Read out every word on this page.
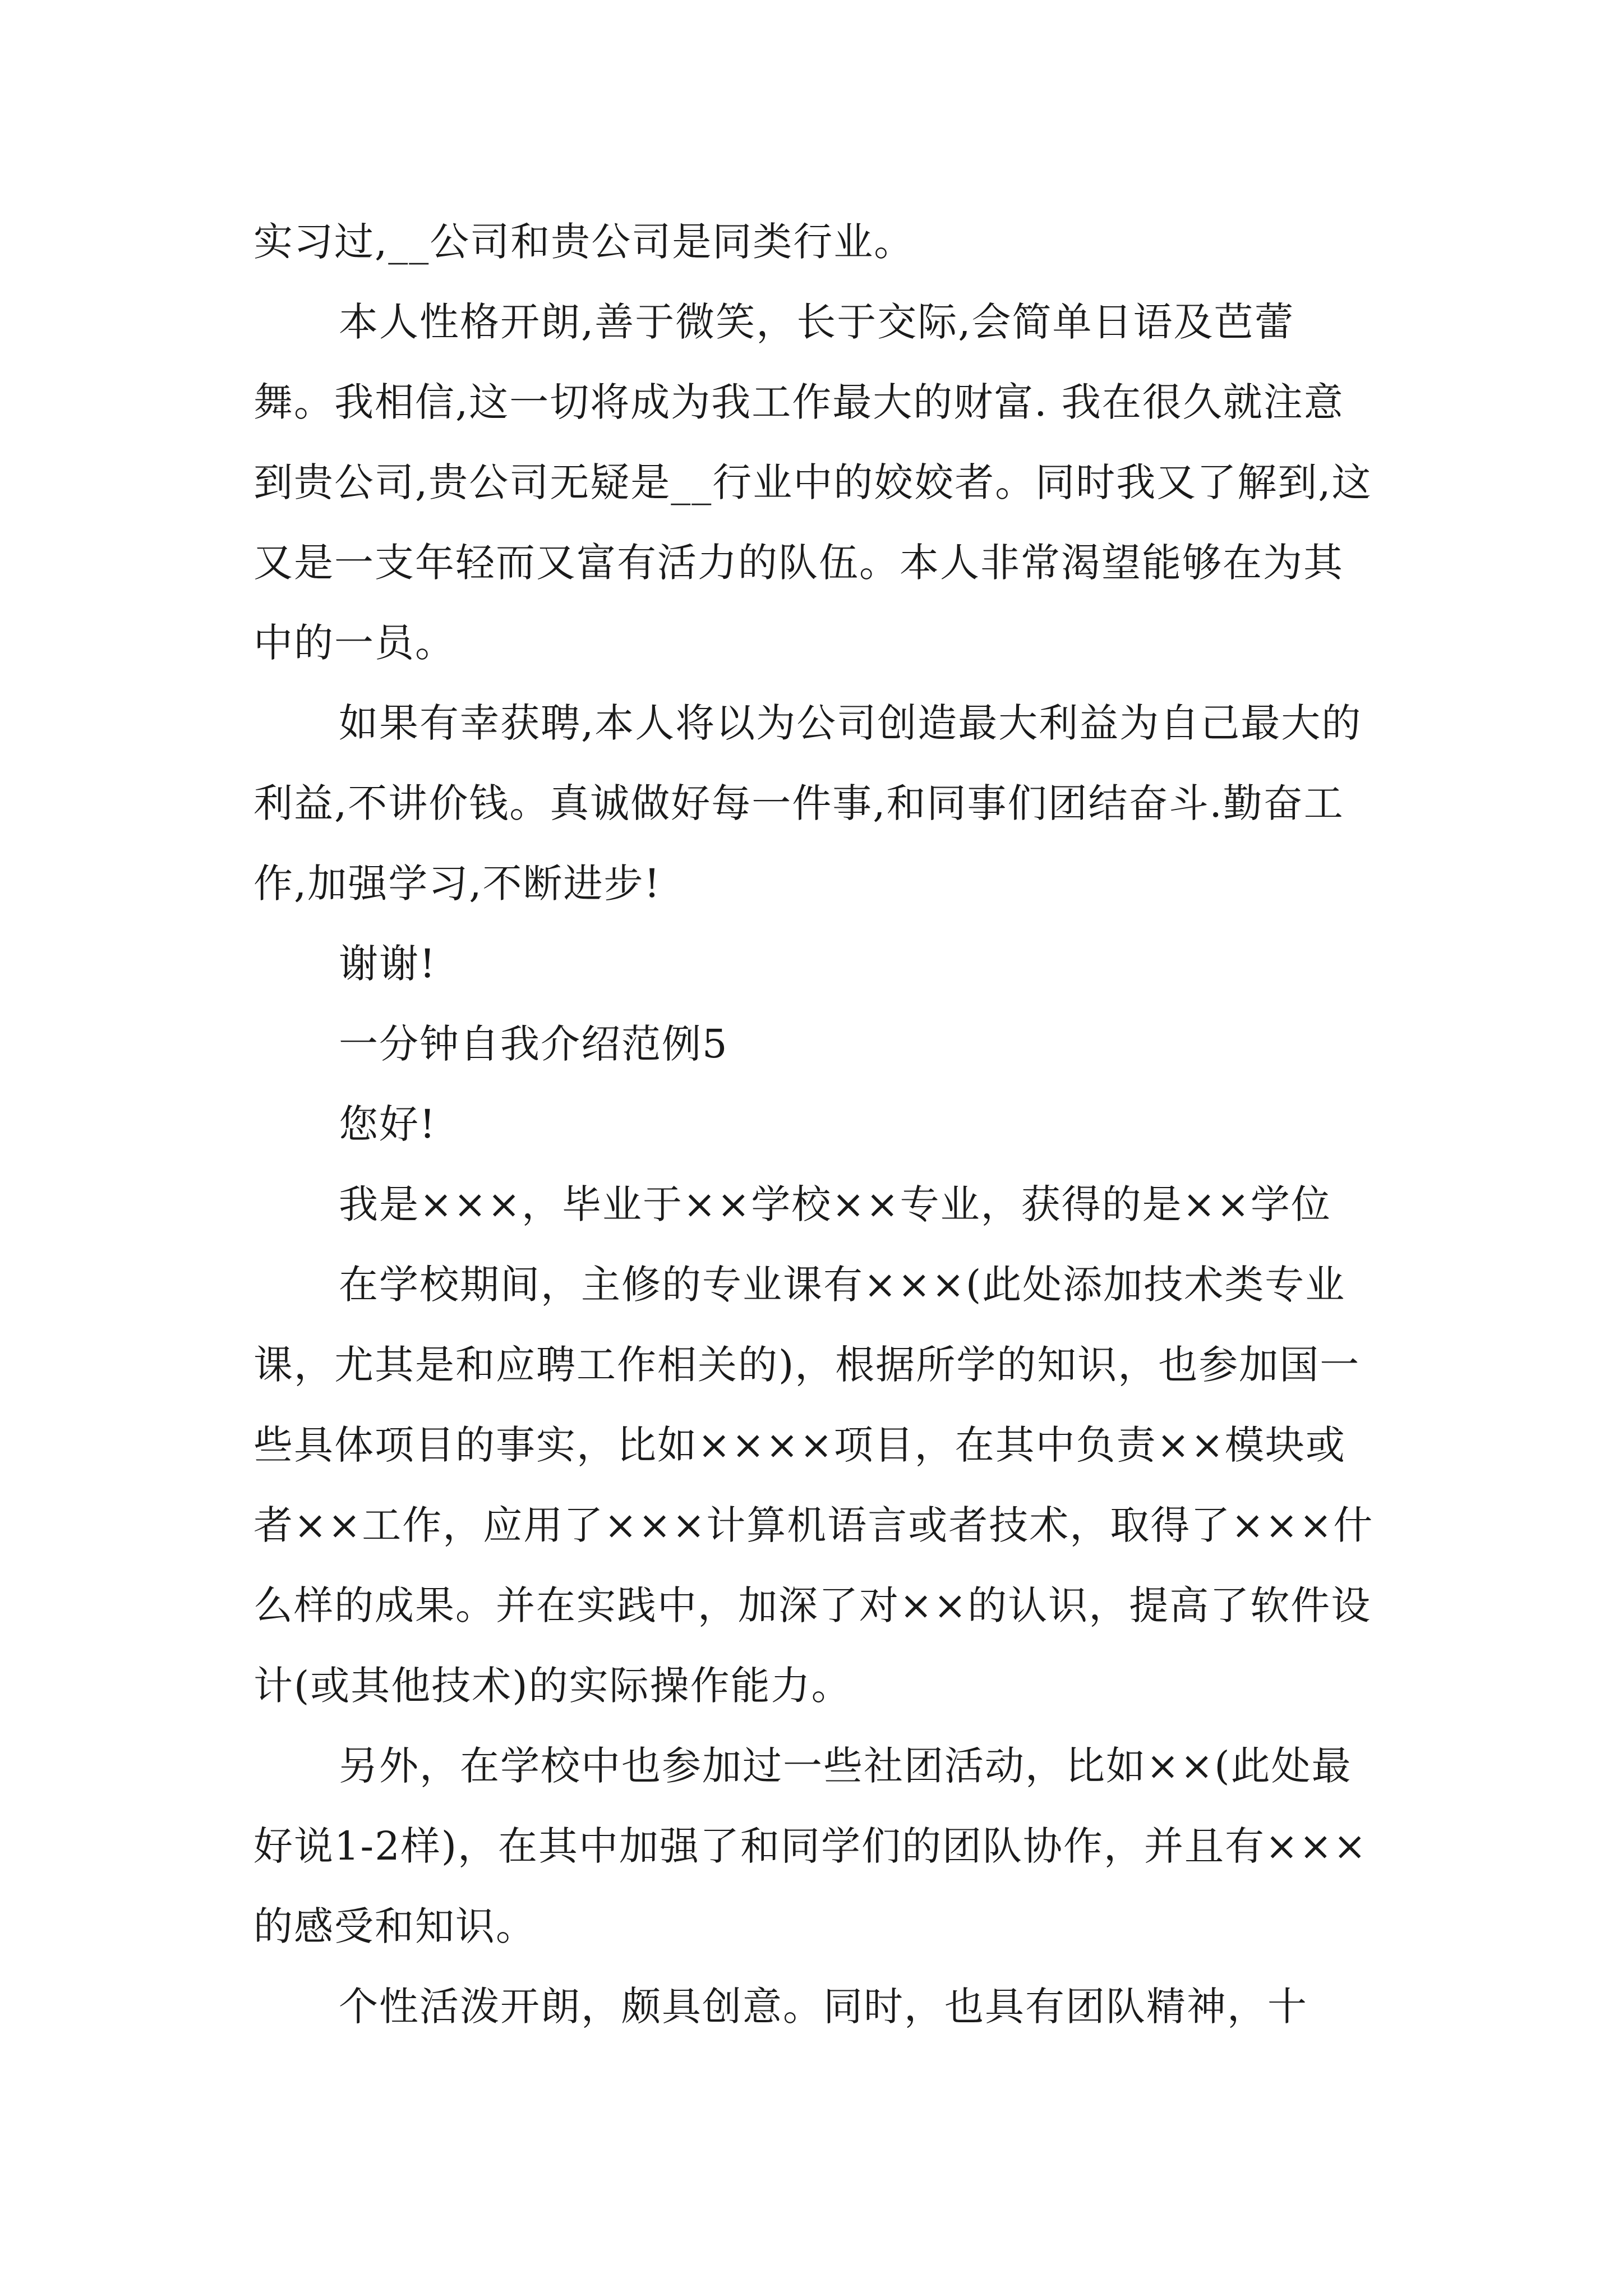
实习过,__公司和贵公司是同类行业。

本人性格开朗,善于微笑，长于交际,会简单日语及芭蕾舞。我相信,这一切将成为我工作最大的财富. 我在很久就注意到贵公司,贵公司无疑是__行业中的姣姣者。同时我又了解到,这又是一支年轻而又富有活力的队伍。本人非常渴望能够在为其中的一员。

如果有幸获聘,本人将以为公司创造最大利益为自己最大的利益,不讲价钱。真诚做好每一件事,和同事们团结奋斗.勤奋工作,加强学习,不断进步!

谢谢!

一分钟自我介绍范例5

您好!

我是×××，毕业于××学校××专业，获得的是××学位

在学校期间，主修的专业课有×××(此处添加技术类专业课，尤其是和应聘工作相关的)，根据所学的知识，也参加国一些具体项目的事实，比如××××项目，在其中负责××模块或者××工作，应用了×××计算机语言或者技术，取得了×××什么样的成果。并在实践中，加深了对××的认识，提高了软件设计(或其他技术)的实际操作能力。

另外，在学校中也参加过一些社团活动，比如××(此处最好说1-2样)，在其中加强了和同学们的团队协作，并且有×××的感受和知识。

个性活泼开朗，颇具创意。同时，也具有团队精神，十
